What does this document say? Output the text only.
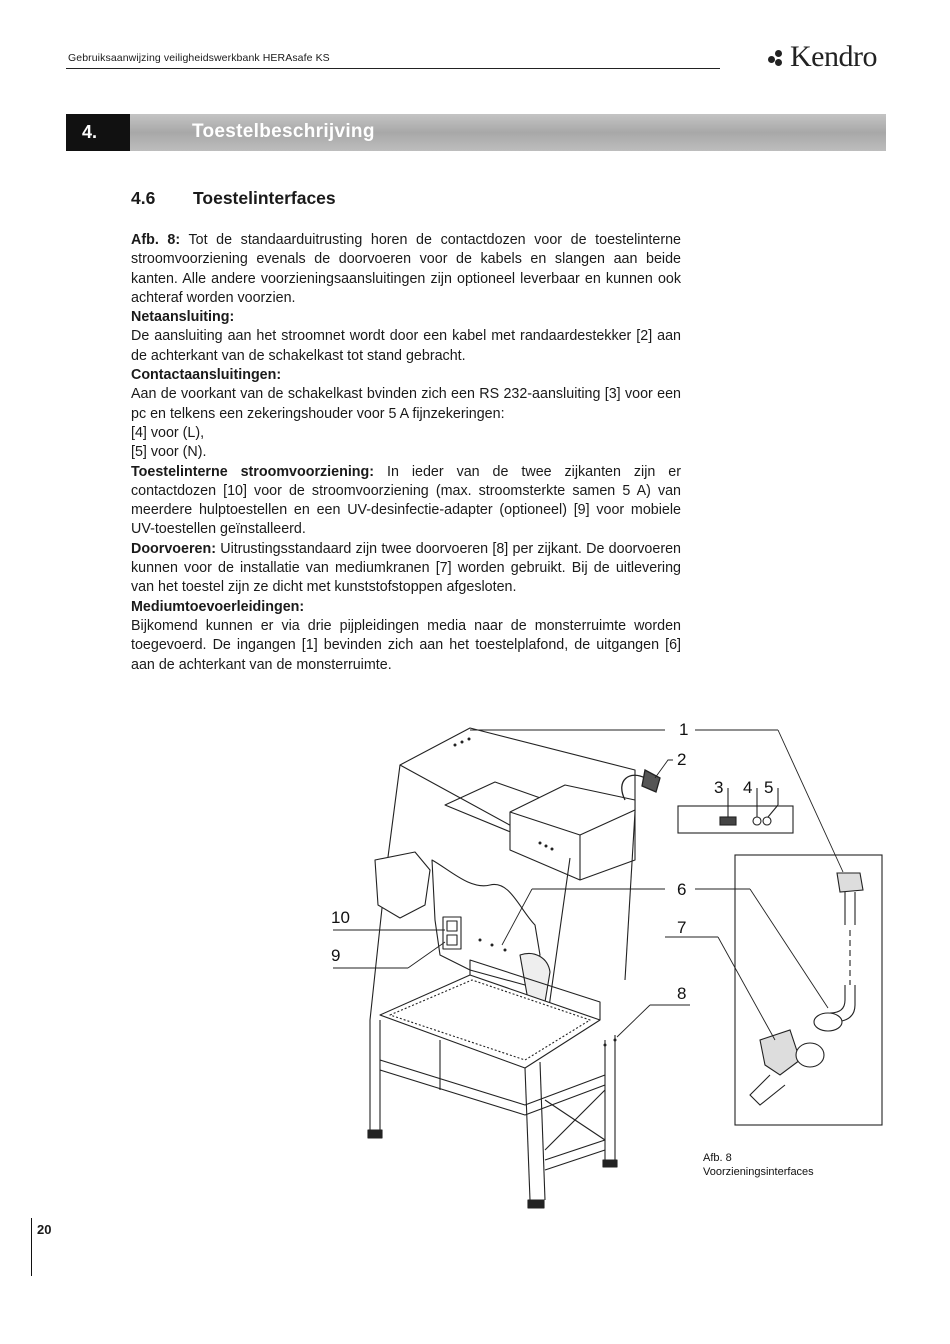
Gebruiksaanwijzing veiligheidswerkbank HERAsafe KS	Kendro
4.	Toestelbeschrijving
4.6 Toestelinterfaces

Afb. 8: Tot de standaarduitrusting horen de contactdozen voor de toestelinterne stroomvoorziening evenals de doorvoeren voor de kabels en slangen aan beide kanten. Alle andere voorzieningsaansluitingen zijn optioneel leverbaar en kunnen ook achteraf worden voorzien.

Netaansluiting:

De aansluiting aan het stroomnet wordt door een kabel met randaardestekker [2] aan de achterkant van de schakelkast tot stand gebracht.

Contactaansluitingen:

Aan de voorkant van de schakelkast bvinden zich een RS 232-aansluiting [3] voor een pc en telkens een zekeringshouder voor 5 A fijnzekeringen:

[4] voor (L),

[5] voor (N).

Toestelinterne stroomvoorziening: In ieder van de twee zijkanten zijn er contactdozen [10] voor de stroomvoorziening (max. stroomsterkte samen 5 A) van meerdere hulptoestellen en een UV-desinfectie-adapter (optioneel) [9] voor mobiele UV-toestellen geïnstalleerd.

Doorvoeren: Uitrustingsstandaard zijn twee doorvoeren [8] per zijkant. De doorvoeren kunnen voor de installatie van mediumkranen [7] worden gebruikt. Bij de uitlevering van het toestel zijn ze dicht met kunststofstoppen afgesloten.

Mediumtoevoerleidingen:

Bijkomend kunnen er via drie pijpleidingen media naar de monsterruimte worden toegevoerd. De ingangen [1] bevinden zich aan het toestelplafond, de uitgangen [6] aan de achterkant van de monsterruimte.

1
2
3 4 5
6
7
8
9
10
Afb. 8
Voorzieningsinterfaces
20
